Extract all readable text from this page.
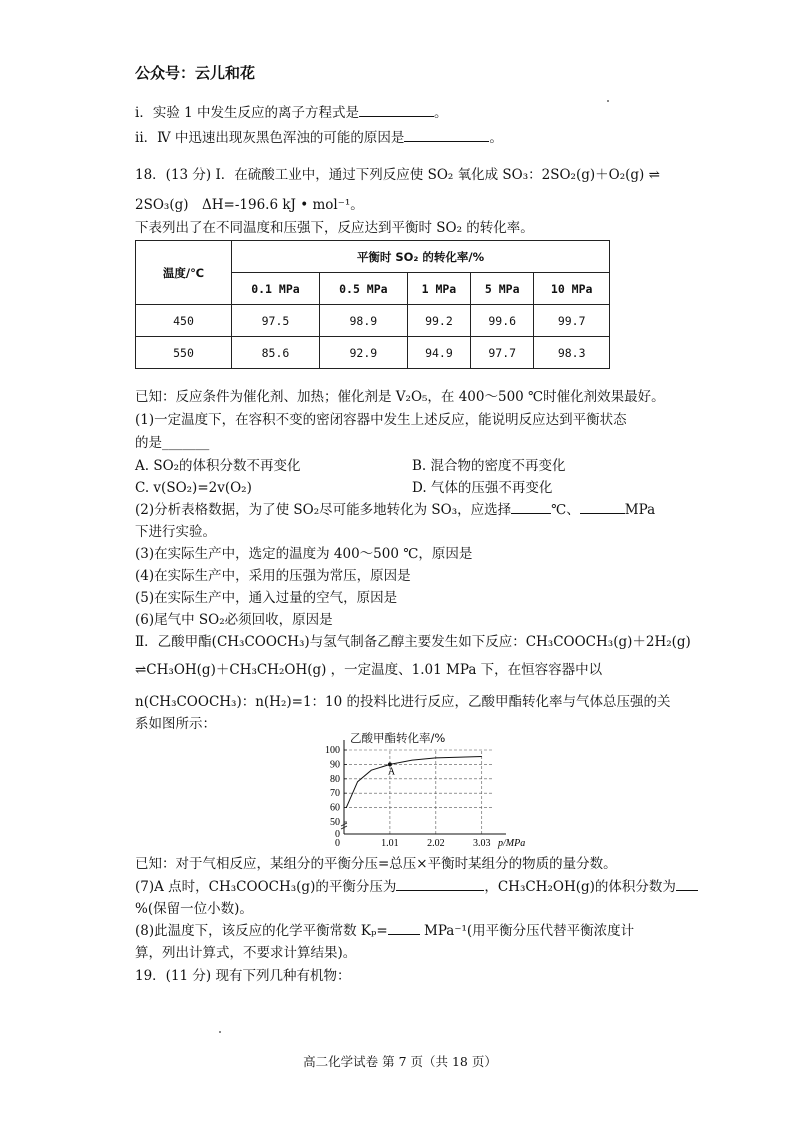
公众号：云儿和花
i．实验 1 中发生反应的离子方程式是	。
ii．Ⅳ 中迅速出现灰黑色浑浊的可能的原因是	。
18．(13 分) Ⅰ．在硫酸工业中，通过下列反应使 SO₂ 氧化成 SO₃：2SO₂(g)＋O₂(g) ⇌
2SO₃(g)　ΔH=-196.6 kJ • mol⁻¹。
下表列出了在不同温度和压强下，反应达到平衡时 SO₂ 的转化率。
温度/℃	平衡时 SO₂ 的转化率/%				
	0.1 MPa	0.5 MPa	1 MPa	5 MPa	10 MPa
450	97.5	98.9	99.2	99.6	99.7
550	85.6	92.9	94.9	97.7	98.3
已知：反应条件为催化剂、加热；催化剂是 V₂O₅，在 400～500 ℃时催化剂效果最好。
(1)一定温度下，在容积不变的密闭容器中发生上述反应，能说明反应达到平衡状态
的是_______
A. SO₂的体积分数不再变化	B. 混合物的密度不再变化
C. v(SO₂)=2v(O₂)	D. 气体的压强不再变化
(2)分析表格数据，为了使 SO₂尽可能多地转化为 SO₃，应选择	℃、	MPa
下进行实验。
(3)在实际生产中，选定的温度为 400～500 ℃，原因是
(4)在实际生产中，采用的压强为常压，原因是
(5)在实际生产中，通入过量的空气，原因是
(6)尾气中 SO₂必须回收，原因是
Ⅱ．乙酸甲酯(CH₃COOCH₃)与氢气制备乙醇主要发生如下反应：CH₃COOCH₃(g)＋2H₂(g)
⇌CH₃OH(g)＋CH₃CH₂OH(g) ，一定温度、1.01 MPa 下，在恒容容器中以
n(CH₃COOCH₃)：n(H₂)=1：10 的投料比进行反应，乙酸甲酯转化率与气体总压强的关
系如图所示：
乙酸甲酯转化率/%
0
50
60
70
80
90
100
1.01	2.02	3.03
0	p/MPa
A
已知：对于气相反应，某组分的平衡分压=总压×平衡时某组分的物质的量分数。
(7)A 点时，CH₃COOCH₃(g)的平衡分压为	，CH₃CH₂OH(g)的体积分数为
%(保留一位小数)。
(8)此温度下，该反应的化学平衡常数 Kₚ= MPa⁻¹(用平衡分压代替平衡浓度计
算，列出计算式，不要求计算结果)。
19．(11 分) 现有下列几种有机物：
高二化学试卷 第 7 页（共 18 页）
